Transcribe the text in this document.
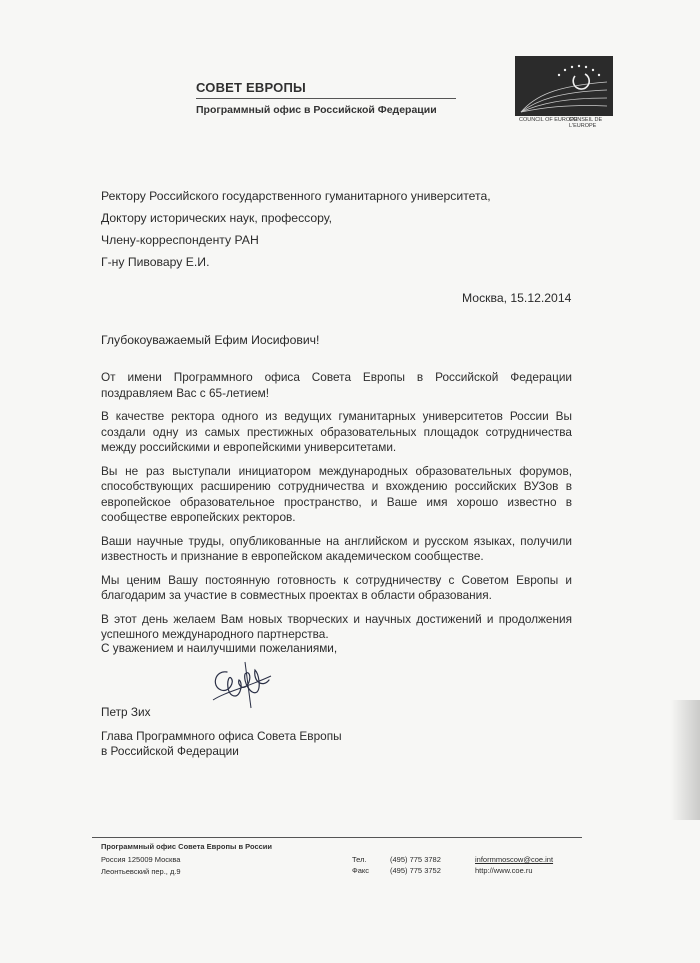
СОВЕТ ЕВРОПЫ
Программный офис в Российской Федерации
COUNCIL OF EUROPE
CONSEIL DE L'EUROPE
Ректору Российского государственного гуманитарного университета,
Доктору исторических наук, профессору,
Члену-корреспонденту РАН
Г-ну Пивовару Е.И.
Москва, 15.12.2014
Глубокоуважаемый Ефим Иосифович!

От имени Программного офиса Совета Европы в Российской Федерации поздравляем Вас с 65-летием!

В качестве ректора одного из ведущих гуманитарных университетов России Вы создали одну из самых престижных образовательных площадок сотрудничества между российскими и европейскими университетами.

Вы не раз выступали инициатором международных образовательных форумов, способствующих расширению сотрудничества и вхождению российских ВУЗов в европейское образовательное пространство, и Ваше имя хорошо известно в сообществе европейских ректоров.

Ваши научные труды, опубликованные на английском и русском языках, получили известность и признание в европейском академическом сообществе.

Мы ценим Вашу постоянную готовность к сотрудничеству с Советом Европы и благодарим за участие в совместных проектах в области образования.

В этот день желаем Вам новых творческих и научных достижений и продолжения успешного международного партнерства.

С уважением и наилучшими пожеланиями,
Петр Зих
Глава Программного офиса Совета Европы
в Российской Федерации
Программный офис Совета Европы в России
Россия 125009 Москва
Леонтьевский пер., д.9
Тел.	(495) 775 3782
Факс	(495) 775 3752
informmoscow@coe.int
http://www.coe.ru
